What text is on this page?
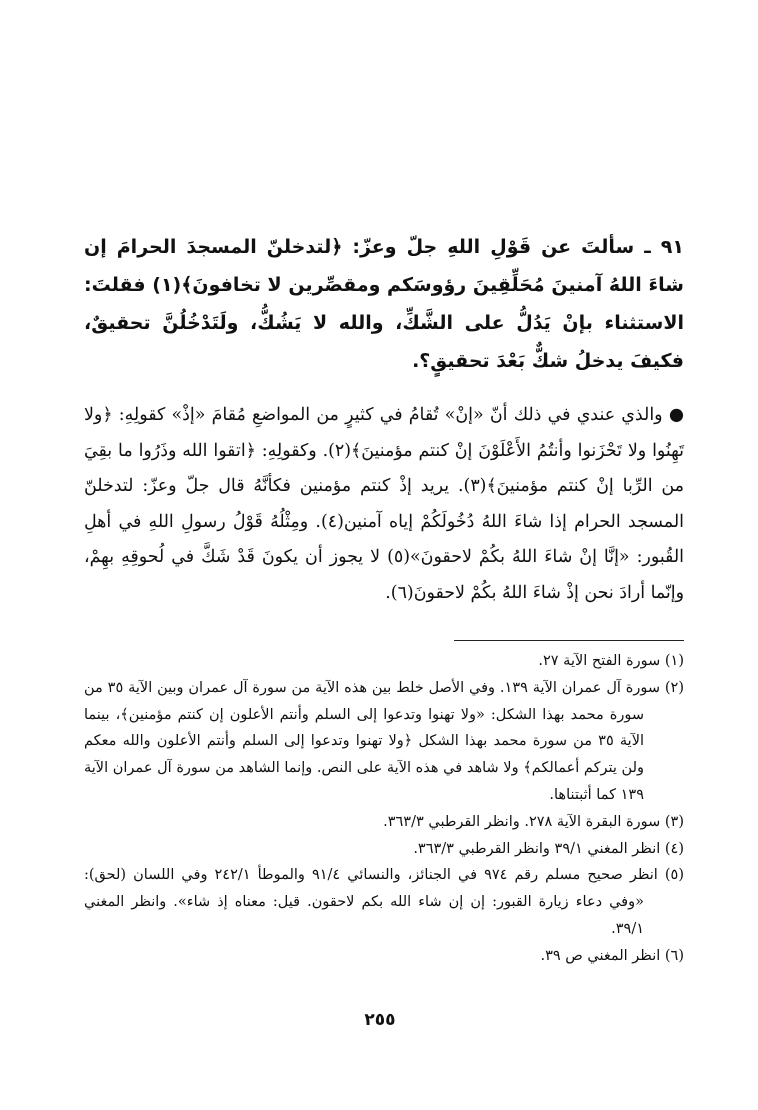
٩١ ـ سألتَ عن قَوْلِ اللهِ جلّ وعزّ: ﴿لتدخلنّ المسجدَ الحرامَ إن شاءَ اللهُ آمنينَ مُحَلِّقِينَ رؤوسَكم ومقصِّرين لا تخافونَ﴾(١) فقلتَ: الاستثناء بإنْ يَدُلُّ على الشَّكِّ، والله لا يَشُكُّ، ولَتَدْخُلُنَّ تحقيقٌ، فكيفَ يدخلُ شكٌّ بَعْدَ تحقيقٍ؟.

● والذي عندي في ذلك أنّ «إنْ» تُقامُ في كثيرٍ من المواضعِ مُقامَ «إذْ» كقولِهِ: ﴿ولا تَهِنُوا ولا تَحْزَنوا وأنتُمُ الأَعْلَوْنَ إنْ كنتم مؤمنينَ﴾(٢). وكقولِهِ: ﴿اتقوا الله وذَرُوا ما بقِيَ من الرِّبا إنْ كنتم مؤمنينَ﴾(٣). يريد إذْ كنتم مؤمنين فكأنَّهُ قال جلّ وعزّ: لتدخلنّ المسجد الحرام إذا شاءَ اللهُ دُخُولَكُمْ إياه آمنين(٤). ومِثْلُهُ قَوْلُ رسولِ اللهِ في أهلِ القُبور: «إنَّا إنْ شاءَ اللهُ بكُمْ لاحقونَ»(٥) لا يجوز أن يكونَ قَدْ شَكَّ في لُحوقِهِ بهِمْ، وإنّما أرادَ نحن إذْ شاءَ اللهُ بكُمْ لاحقونَ(٦).

(١) سورة الفتح الآية ٢٧.

(٢) سورة آل عمران الآية ١٣٩. وفي الأصل خلط بين هذه الآية من سورة آل عمران وبين الآية ٣٥ من سورة محمد بهذا الشكل: «ولا تهنوا وتدعوا إلى السلم وأنتم الأعلون إن كنتم مؤمنين﴾، بينما الآية ٣٥ من سورة محمد بهذا الشكل ﴿ولا تهنوا وتدعوا إلى السلم وأنتم الأعلون والله معكم ولن يتركم أعمالكم﴾ ولا شاهد في هذه الآية على النص. وإنما الشاهد من سورة آل عمران الآية ١٣٩ كما أثبتناها.

(٣) سورة البقرة الآية ٢٧٨. وانظر القرطبي ٣٦٣/٣.

(٤) انظر المغني ٣٩/١ وانظر القرطبي ٣٦٣/٣.

(٥) انظر صحيح مسلم رقم ٩٧٤ في الجنائز، والنسائي ٩١/٤ والموطأ ٢٤٢/١ وفي اللسان (لحق): «وفي دعاء زيارة القبور: إن إن شاء الله بكم لاحقون. قيل: معناه إذ شاء». وانظر المغني ٣٩/١.

(٦) انظر المغني ص ٣٩.

٢٥٥
